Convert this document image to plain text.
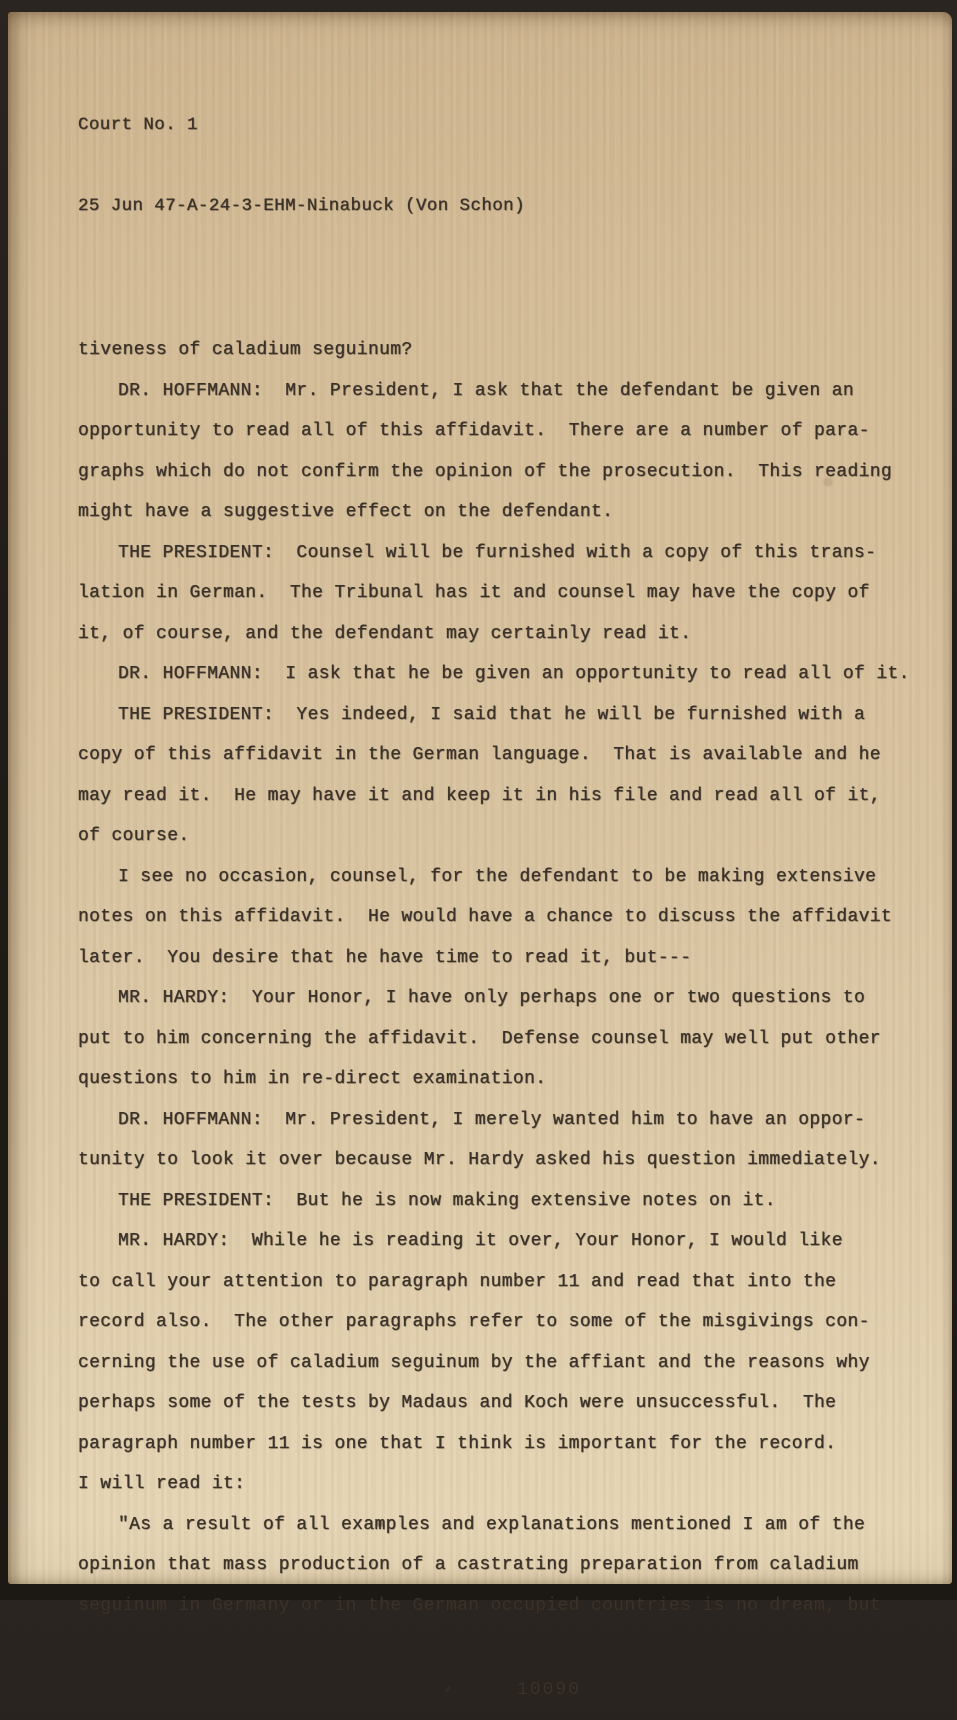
Court No. 1

25 Jun 47-A-24-3-EHM-Ninabuck (Von Schon)

tiveness of caladium seguinum?
DR. HOFFMANN:  Mr. President, I ask that the defendant be given an
opportunity to read all of this affidavit.  There are a number of para-
graphs which do not confirm the opinion of the prosecution.  This reading
might have a suggestive effect on the defendant.
THE PRESIDENT:  Counsel will be furnished with a copy of this trans-
lation in German.  The Tribunal has it and counsel may have the copy of
it, of course, and the defendant may certainly read it.
DR. HOFFMANN:  I ask that he be given an opportunity to read all of it.
THE PRESIDENT:  Yes indeed, I said that he will be furnished with a
copy of this affidavit in the German language.  That is available and he
may read it.  He may have it and keep it in his file and read all of it,
of course.
I see no occasion, counsel, for the defendant to be making extensive
notes on this affidavit.  He would have a chance to discuss the affidavit
later.  You desire that he have time to read it, but---
MR. HARDY:  Your Honor, I have only perhaps one or two questions to
put to him concerning the affidavit.  Defense counsel may well put other
questions to him in re-direct examination.
DR. HOFFMANN:  Mr. President, I merely wanted him to have an oppor-
tunity to look it over because Mr. Hardy asked his question immediately.
THE PRESIDENT:  But he is now making extensive notes on it.
MR. HARDY:  While he is reading it over, Your Honor, I would like
to call your attention to paragraph number 11 and read that into the
record also.  The other paragraphs refer to some of the misgivings con-
cerning the use of caladium seguinum by the affiant and the reasons why
perhaps some of the tests by Madaus and Koch were unsuccessful.  The
paragraph number 11 is one that I think is important for the record.
I will read it:
"As a result of all examples and explanations mentioned I am of the
opinion that mass production of a castrating preparation from caladium
seguinum in Germany or in the German occupied countries is no dream, but

10090
